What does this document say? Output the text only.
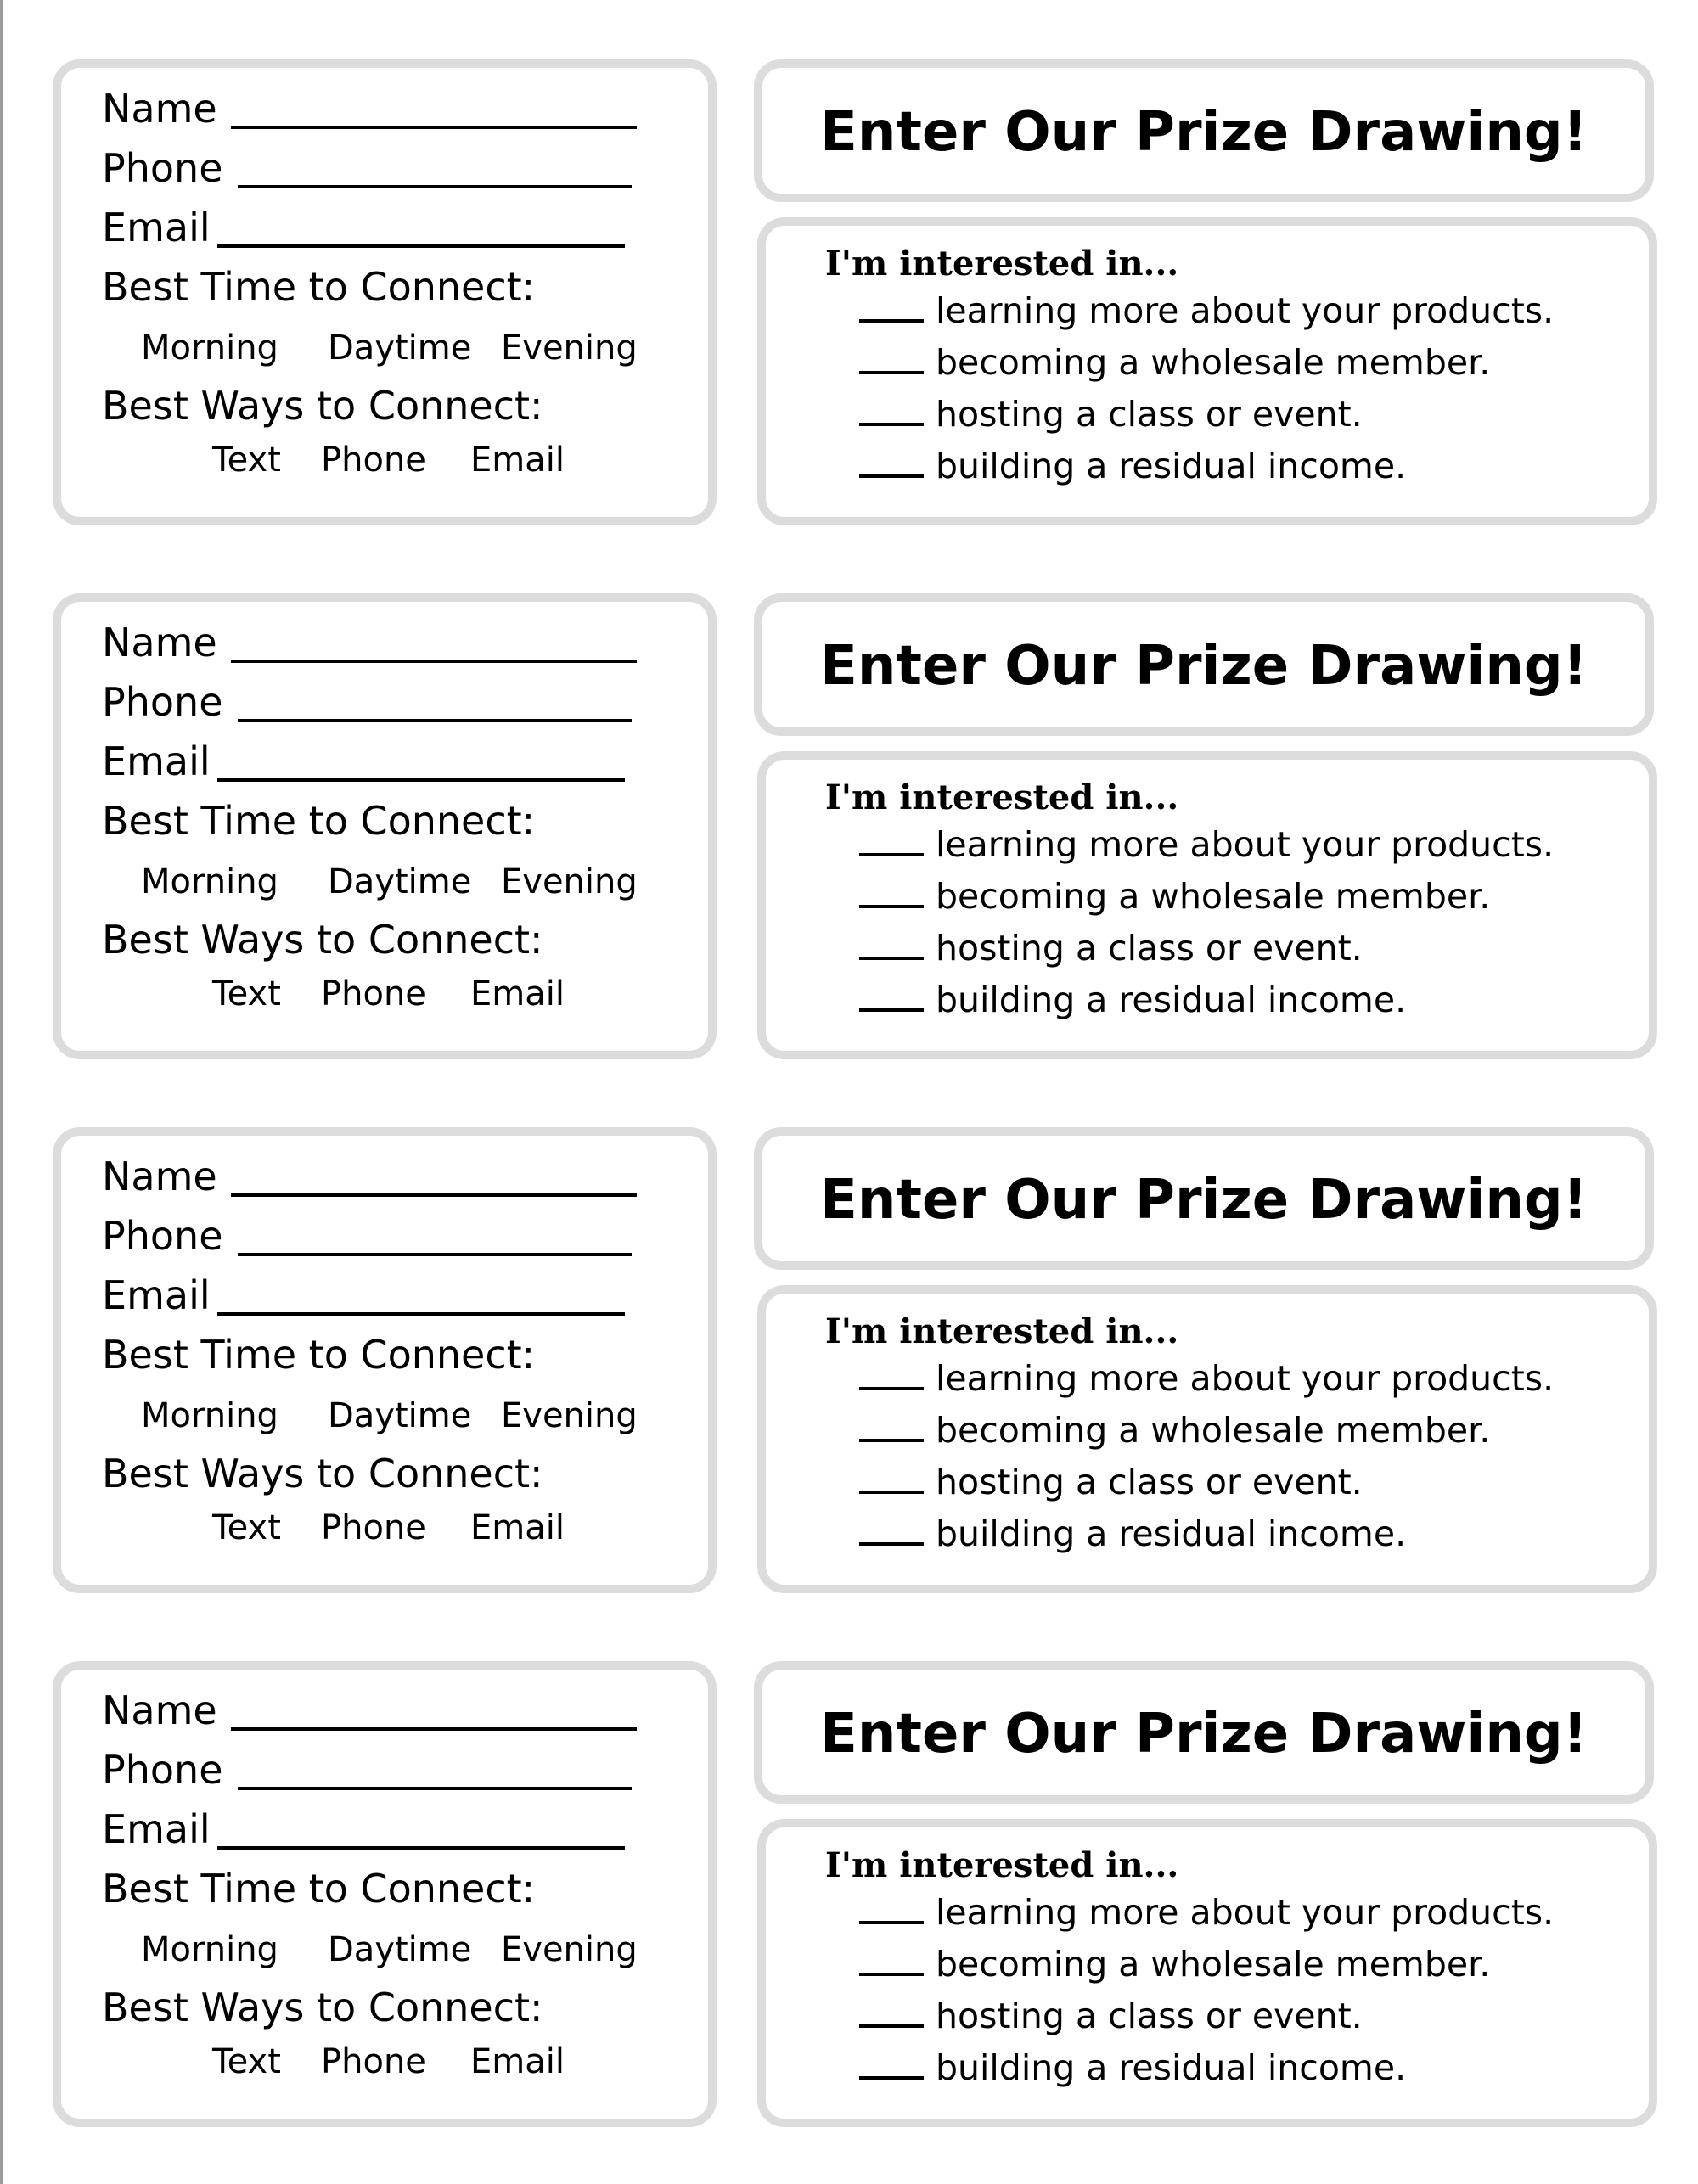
Name
Phone
Email
Best Time to Connect:
Morning Daytime Evening
Best Ways to Connect:
Text Phone Email
Enter Our Prize Drawing!
I'm interested in...
learning more about your products.
becoming a wholesale member.
hosting a class or event.
building a residual income.
Name
Phone
Email
Best Time to Connect:
Morning Daytime Evening
Best Ways to Connect:
Text Phone Email
Enter Our Prize Drawing!
I'm interested in...
learning more about your products.
becoming a wholesale member.
hosting a class or event.
building a residual income.
Name
Phone
Email
Best Time to Connect:
Morning Daytime Evening
Best Ways to Connect:
Text Phone Email
Enter Our Prize Drawing!
I'm interested in...
learning more about your products.
becoming a wholesale member.
hosting a class or event.
building a residual income.
Name
Phone
Email
Best Time to Connect:
Morning Daytime Evening
Best Ways to Connect:
Text Phone Email
Enter Our Prize Drawing!
I'm interested in...
learning more about your products.
becoming a wholesale member.
hosting a class or event.
building a residual income.
